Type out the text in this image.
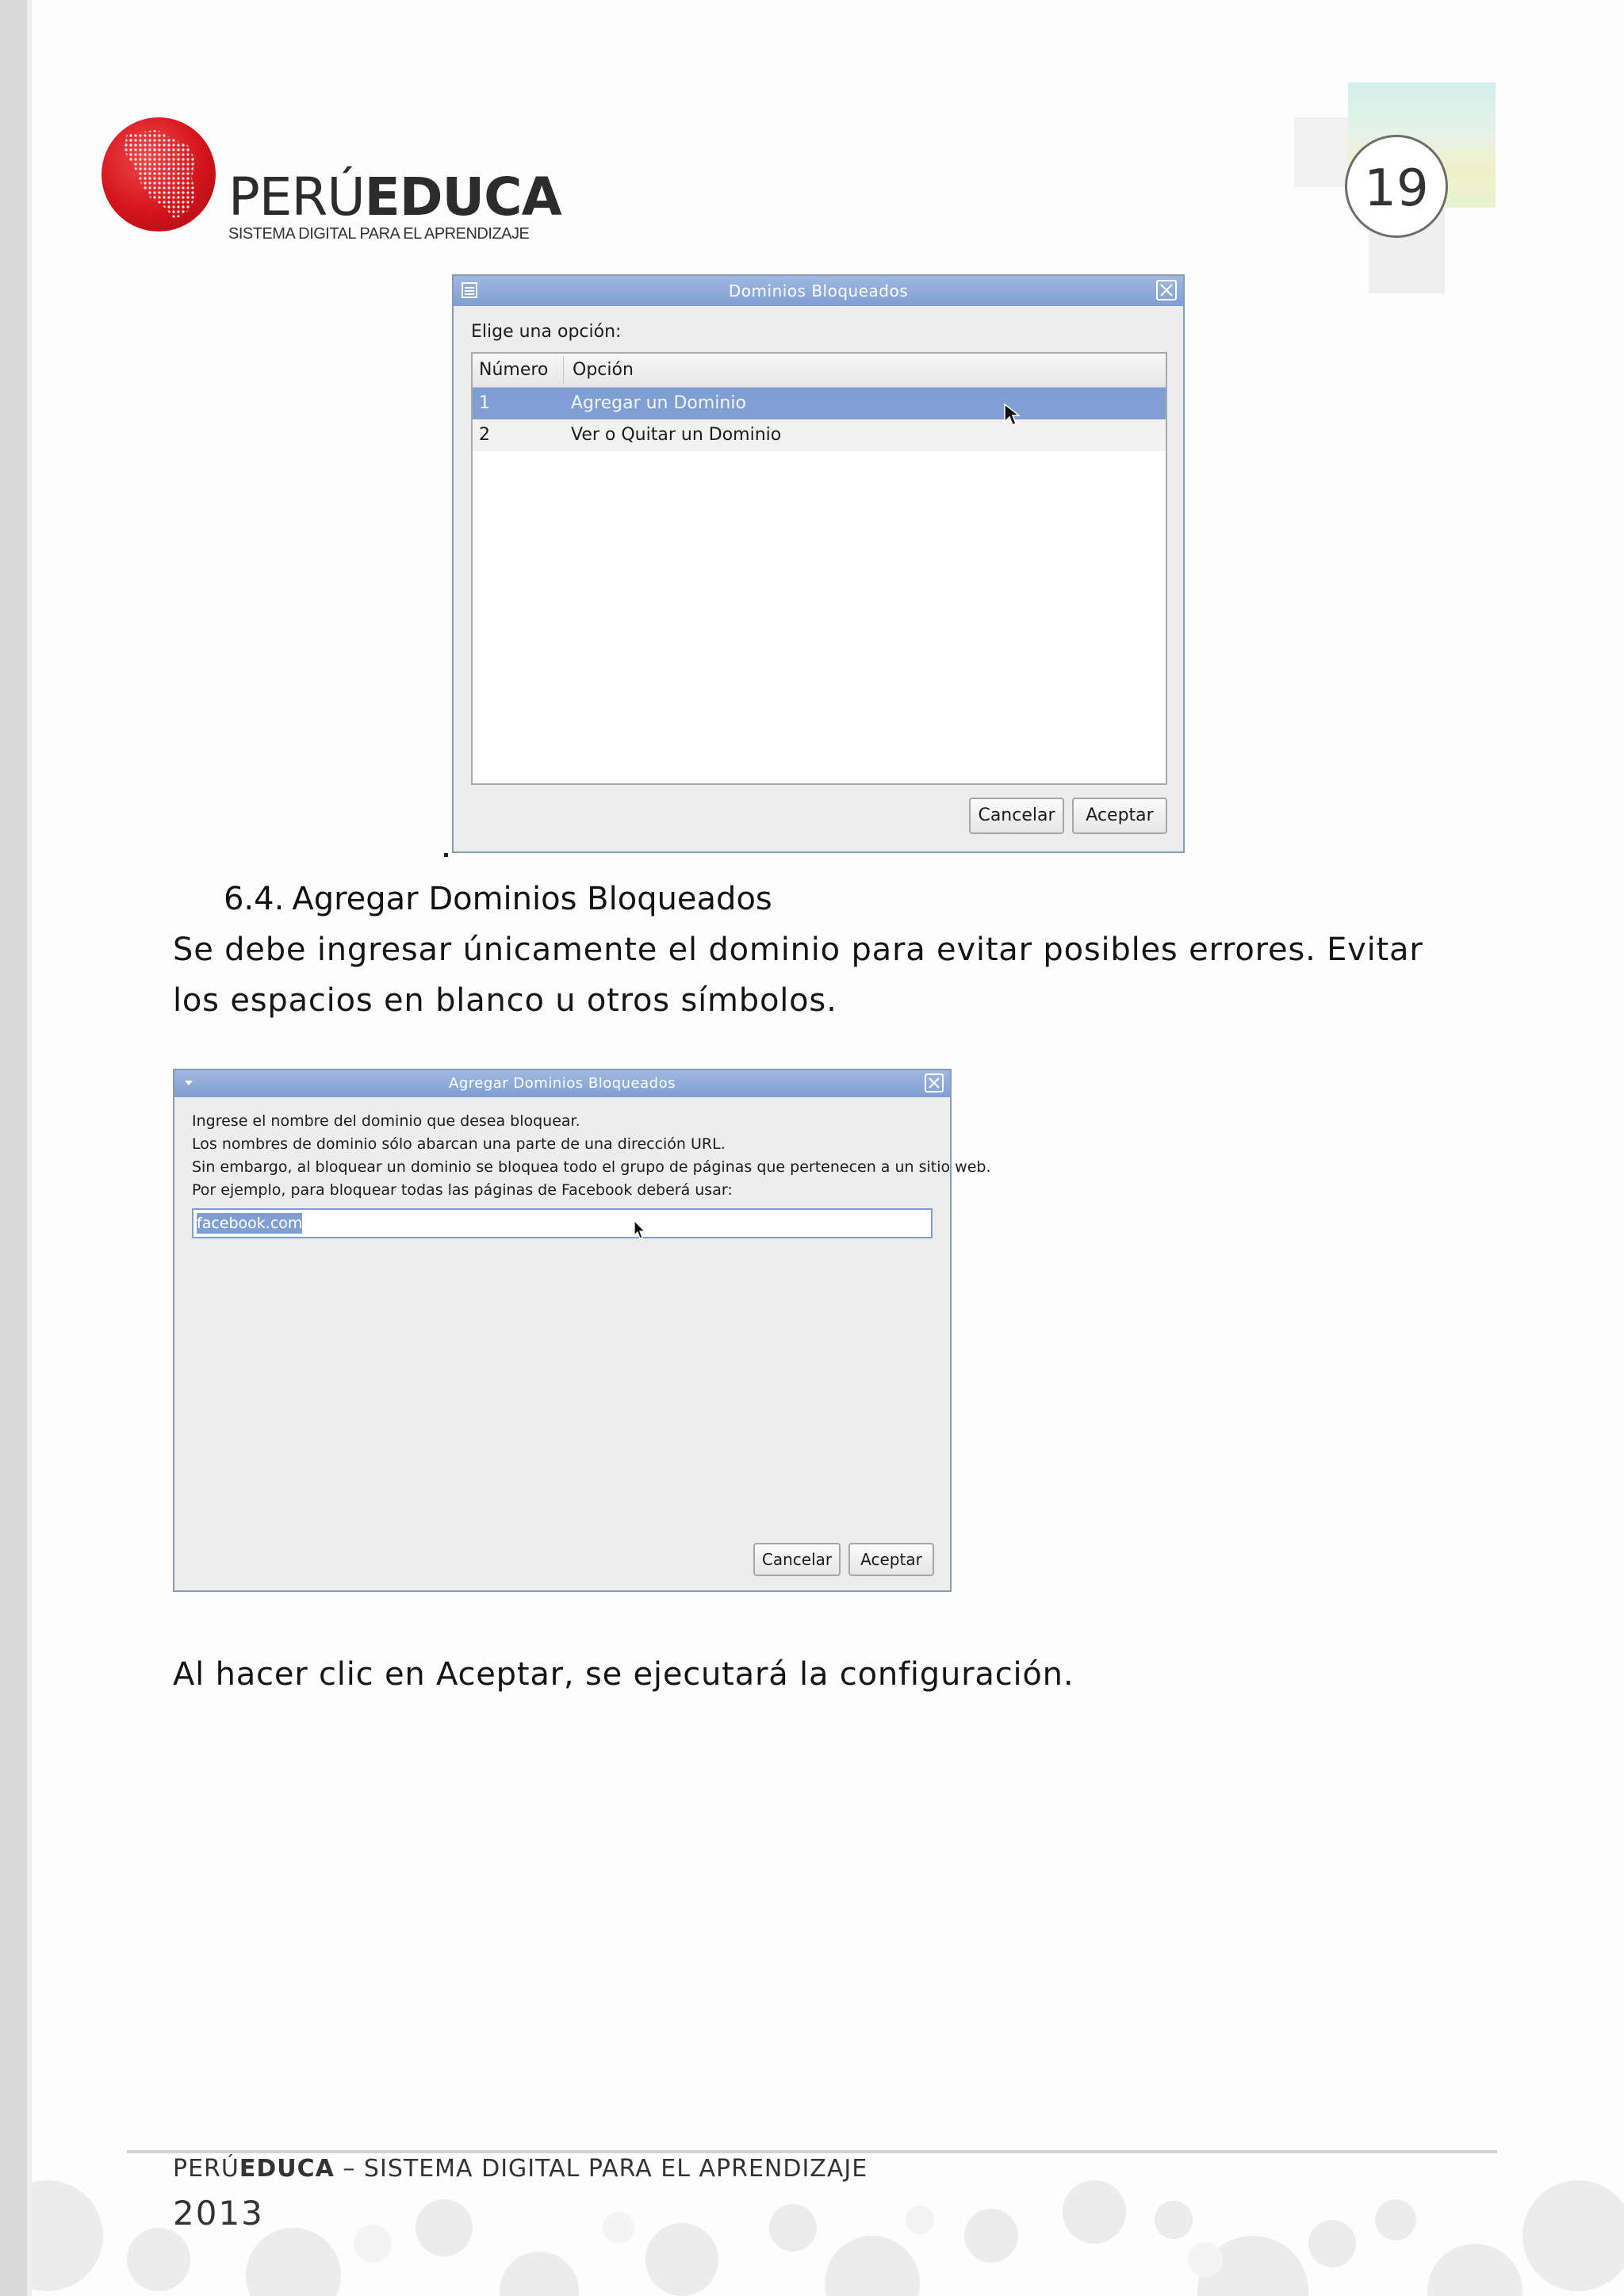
PERÚEDUCA
SISTEMA DIGITAL PARA EL APRENDIZAJE
19
Dominios Bloqueados
Elige una opción:
Número Opción
1	Agregar un Dominio
2	Ver o Quitar un Dominio
Cancelar	Aceptar
6.4. Agregar Dominios Bloqueados
Se debe ingresar únicamente el dominio para evitar posibles errores. Evitar los espacios en blanco u otros símbolos.
Agregar Dominios Bloqueados
Ingrese el nombre del dominio que desea bloquear.
Los nombres de dominio sólo abarcan una parte de una dirección URL.
Sin embargo, al bloquear un dominio se bloquea todo el grupo de páginas que pertenecen a un sitio web.
Por ejemplo, para bloquear todas las páginas de Facebook deberá usar:
facebook.com
Cancelar	Aceptar
Al hacer clic en Aceptar, se ejecutará la configuración.
PERÚEDUCA – SISTEMA DIGITAL PARA EL APRENDIZAJE
2013
